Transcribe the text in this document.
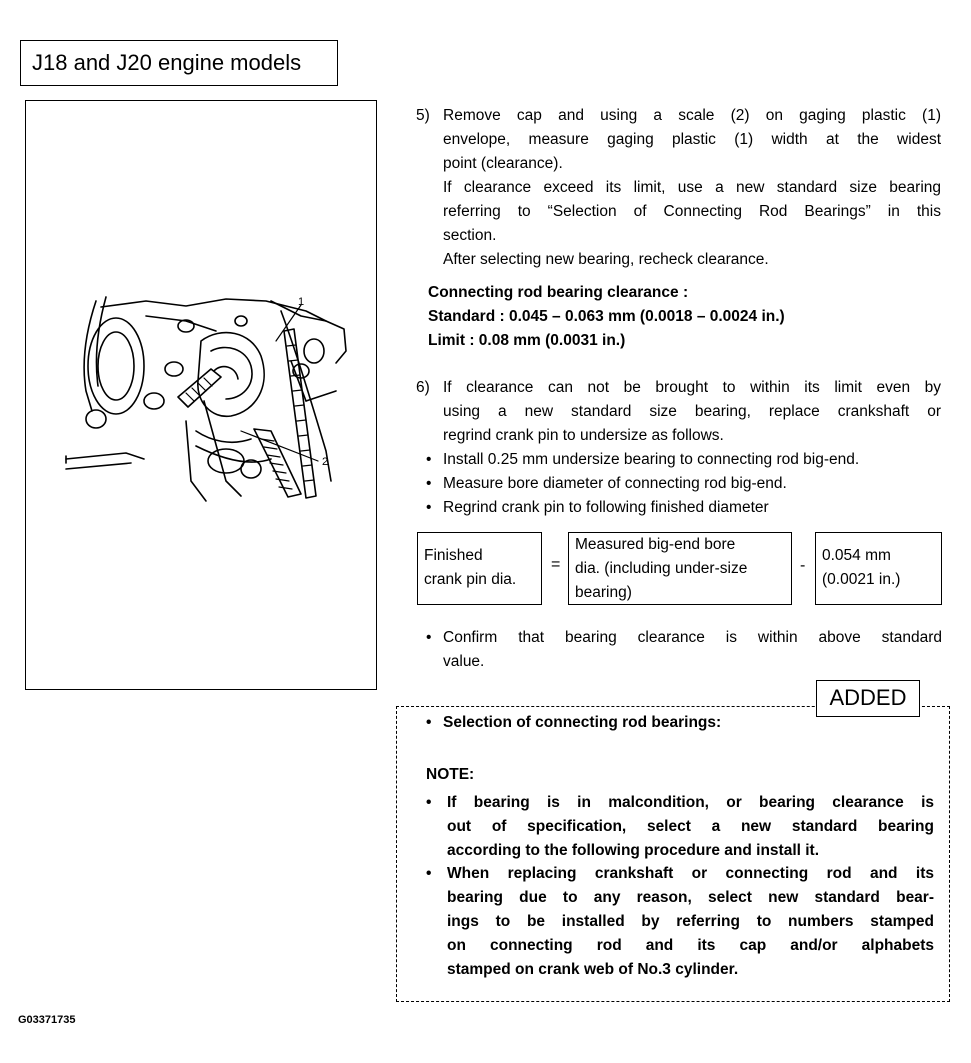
J18 and J20 engine models
1
2
5) Remove cap and using a scale (2) on gaging plastic (1)
envelope, measure gaging plastic (1) width at the widest
point (clearance).
If clearance exceed its limit, use a new standard size bearing
referring to “Selection of Connecting Rod Bearings” in this
section.
After selecting new bearing, recheck clearance.
Connecting rod bearing clearance :
Standard : 0.045 – 0.063 mm (0.0018 – 0.0024 in.)
Limit : 0.08 mm (0.0031 in.)
6) If clearance can not be brought to within its limit even by
using a new standard size bearing, replace crankshaft or
regrind crank pin to undersize as follows.
• Install 0.25 mm undersize bearing to connecting rod big-end.
• Measure bore diameter of connecting rod big-end.
• Regrind crank pin to following finished diameter
Finished
crank pin dia.
=
Measured big-end bore
dia. (including under-size
bearing)
-
0.054 mm
(0.0021 in.)
• Confirm that bearing clearance is within above standard
value.
ADDED
• Selection of connecting rod bearings:
NOTE:
• If bearing is in malcondition, or bearing clearance is
out of specification, select a new standard bearing
according to the following procedure and install it.
• When replacing crankshaft or connecting rod and its
bearing due to any reason, select new standard bear-
ings to be installed by referring to numbers stamped
on connecting rod and its cap and/or alphabets
stamped on crank web of No.3 cylinder.
G03371735
